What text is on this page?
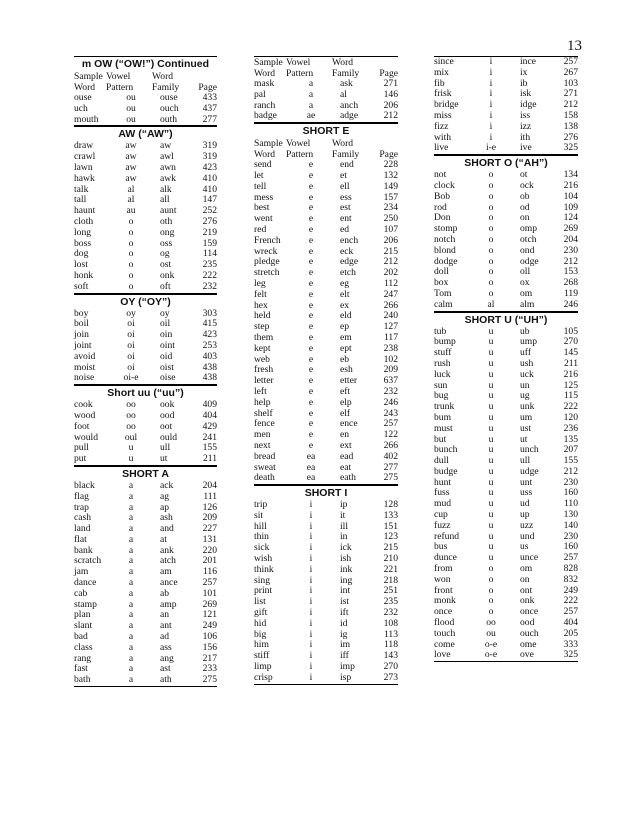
13
m OW (“OW!”) Continued
Sample Vowel Word
Word Pattern Family Page
ouse	ou	ouse	433
uch	ou	ouch 437
mouth	ou	outh	277
AW (“AW”)
draw	aw	aw	319
crawl	aw	awl	319
lawn	aw	awn	423
hawk	aw	awk	410
talk	al	alk	410
tall	al	all	147
haunt	au	aunt	252
cloth	o	oth	276
long	o	ong	219
boss	o	oss	159
dog	o	og	114
lost	o	ost	235
honk	o	onk	222
soft	o	oft	232
OY (“OY”)
boy	oy	oy	303
boil	oi	oil	415
join	oi	oin	423
joint	oi	oint	253
avoid	oi	oid	403
moist	oi	oist	438
noise	oi-e	oise	438
Short uu (“uu”)
cook	oo	ook	409
wood	oo	ood	404
foot	oo	oot	429
would	oul	ould	241
pull	u	ull	155
put	u	ut	211
SHORT A
black	a	ack	204
flag	a	ag	111
trap	a	ap	126
cash	a	ash	209
land	a	and	227
flat	a	at	131
bank	a	ank	220
scratch	a	atch	201
jam	a	am	116
dance	a	ance	257
cab	a	ab	101
stamp	a	amp	269
plan	a	an	121
slant	a	ant	249
bad	a	ad	106
class	a	ass	156
rang	a	ang	217
fast	a	ast	233
bath	a	ath	275
Sample Vowel Word
Word Pattern Family Page
mask	a	ask	271
pal	a	al	146
ranch	a	anch	206
badge	ae	adge	212
SHORT E
Sample Vowel Word
Word Pattern Family Page
send	e	end	228
let	e	et	132
tell	e	ell	149
mess	e	ess	157
best	e	est	234
went	e	ent	250
red	e	ed	107
French	e	ench	206
wreck	e	eck	215
pledge	e	edge	212
stretch	e	etch	202
leg	e	eg	112
felt	e	elt	247
hex	e	ex	266
held	e	eld	240
step	e	ep	127
them	e	em	117
kept	e	ept	238
web	e	eb	102
fresh	e	esh	209
letter	e	etter	637
left	e	eft	232
help	e	elp	246
shelf	e	elf	243
fence	e	ence	257
men	e	en	122
next	e	ext	266
bread	ea	ead	402
sweat	ea	eat	277
death	ea	eath	275
SHORT I
trip	i	ip	128
sit	i	it	133
hill	i	ill	151
thin	i	in	123
sick	i	ick	215
wish	i	ish	210
think	i	ink	221
sing	i	ing	218
print	i	int	251
list	i	ist	235
gift	i	ift	232
hid	i	id	108
big	i	ig	113
him	i	im	118
stiff	i	iff	143
limp	i	imp	270
crisp	i	isp	273
since	i	ince	257
mix	i	ix	267
fib	i	ib	103
frisk	i	isk	271
bridge	i	idge	212
miss	i	iss	158
fizz	i	izz	138
with	i	ith	276
live	i-e	ive	325
SHORT O (“AH”)
not	o	ot	134
clock	o	ock	216
Bob	o	ob	104
rod	o	od	109
Don	o	on	124
stomp	o	omp	269
notch	o	otch	204
blond	o	ond	230
dodge	o	odge	212
doll	o	oll	153
box	o	ox	268
Tom	o	om	119
calm	al	alm	246
SHORT U (“UH”)
tub	u	ub	105
bump	u	ump	270
stuff	u	uff	145
rush	u	ush	211
luck	u	uck	216
sun	u	un	125
bug	u	ug	115
trunk	u	unk	222
bum	u	um	120
must	u	ust	236
but	u	ut	135
bunch	u	unch	207
dull	u	ull	155
budge	u	udge	212
hunt	u	unt	230
fuss	u	uss	160
mud	u	ud	110
cup	u	up	130
fuzz	u	uzz	140
refund	u	und	230
bus	u	us	160
dunce	u	unce	257
from	o	om	828
won	o	on	832
front	o	ont	249
monk	o	onk	222
once	o	once	257
flood	oo	ood	404
touch	ou	ouch	205
come	o-e	ome	333
love	o-e	ove	325
